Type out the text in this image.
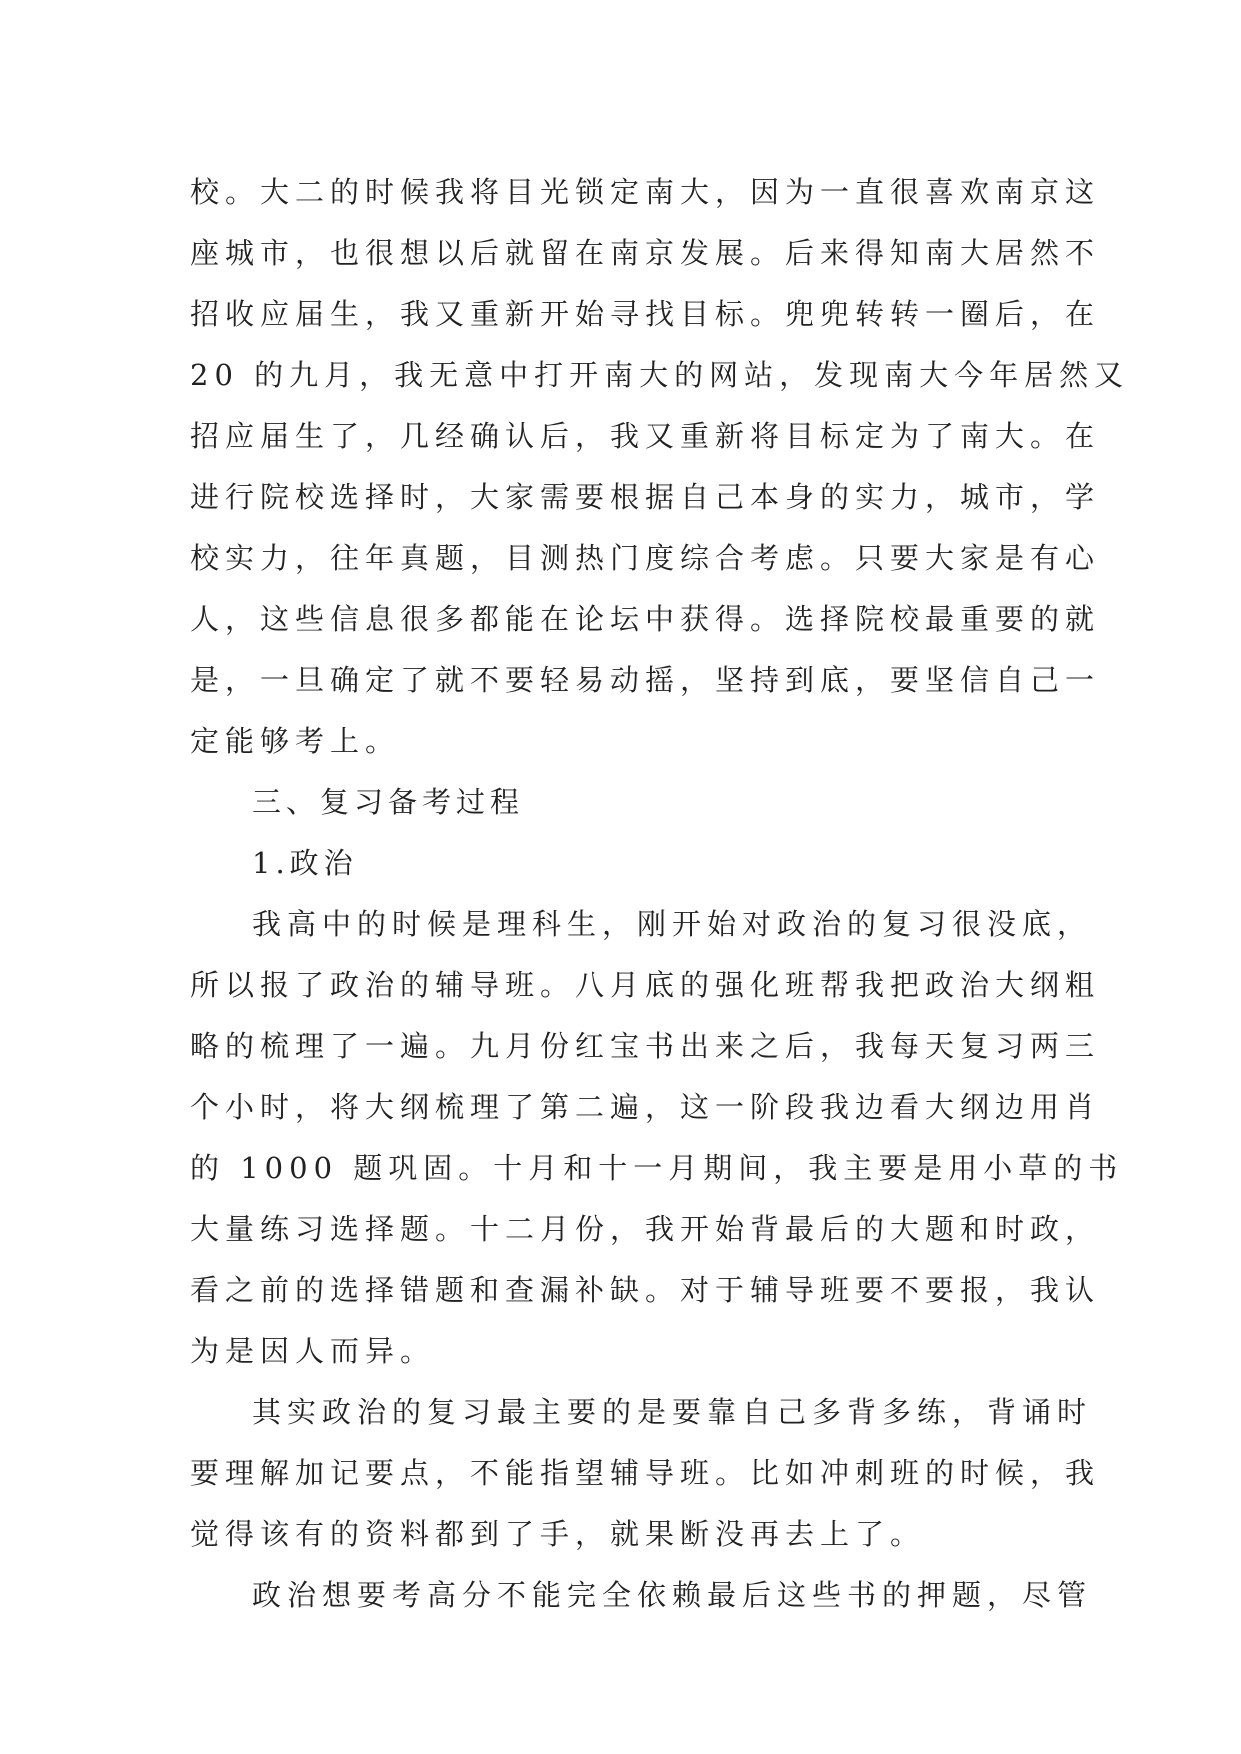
校。大二的时候我将目光锁定南大，因为一直很喜欢南京这
座城市，也很想以后就留在南京发展。后来得知南大居然不
招收应届生，我又重新开始寻找目标。兜兜转转一圈后，在
20 的九月，我无意中打开南大的网站，发现南大今年居然又
招应届生了，几经确认后，我又重新将目标定为了南大。在
进行院校选择时，大家需要根据自己本身的实力，城市，学
校实力，往年真题，目测热门度综合考虑。只要大家是有心
人，这些信息很多都能在论坛中获得。选择院校最重要的就
是，一旦确定了就不要轻易动摇，坚持到底，要坚信自己一
定能够考上。
三、复习备考过程
1.政治
我高中的时候是理科生，刚开始对政治的复习很没底，
所以报了政治的辅导班。八月底的强化班帮我把政治大纲粗
略的梳理了一遍。九月份红宝书出来之后，我每天复习两三
个小时，将大纲梳理了第二遍，这一阶段我边看大纲边用肖
的 1000 题巩固。十月和十一月期间，我主要是用小草的书
大量练习选择题。十二月份，我开始背最后的大题和时政，
看之前的选择错题和查漏补缺。对于辅导班要不要报，我认
为是因人而异。
其实政治的复习最主要的是要靠自己多背多练，背诵时
要理解加记要点，不能指望辅导班。比如冲刺班的时候，我
觉得该有的资料都到了手，就果断没再去上了。
政治想要考高分不能完全依赖最后这些书的押题，尽管
